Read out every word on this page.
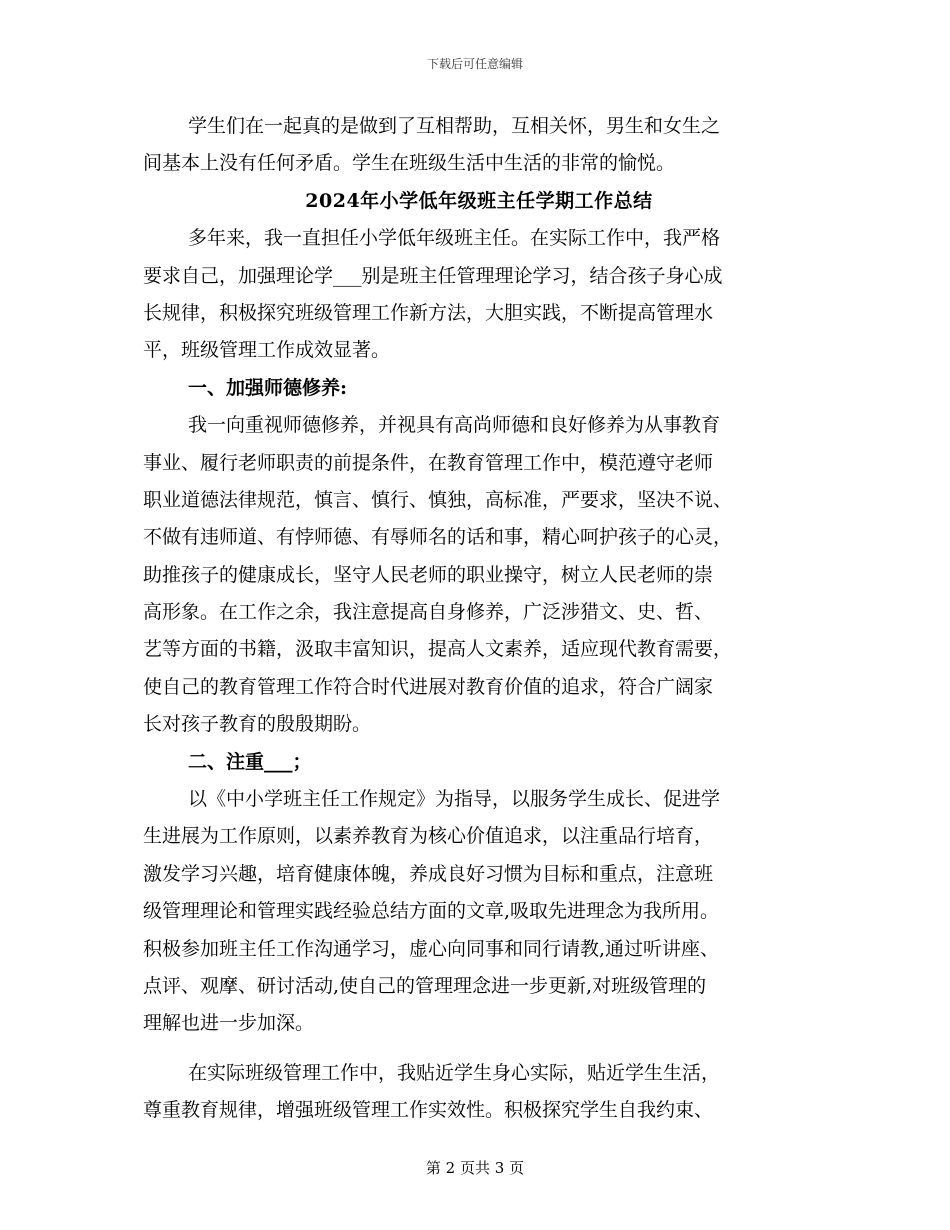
下载后可任意编辑
学生们在一起真的是做到了互相帮助，互相关怀，男生和女生之
间基本上没有任何矛盾。学生在班级生活中生活的非常的愉悦。
2024年小学低年级班主任学期工作总结
多年来，我一直担任小学低年级班主任。在实际工作中，我严格
要求自己，加强理论学___别是班主任管理理论学习，结合孩子身心成
长规律，积极探究班级管理工作新方法，大胆实践，不断提高管理水
平，班级管理工作成效显著。
一、加强师德修养:
我一向重视师德修养，并视具有高尚师德和良好修养为从事教育
事业、履行老师职责的前提条件，在教育管理工作中，模范遵守老师
职业道德法律规范，慎言、慎行、慎独，高标准，严要求，坚决不说、
不做有违师道、有悖师德、有辱师名的话和事，精心呵护孩子的心灵，
助推孩子的健康成长，坚守人民老师的职业操守，树立人民老师的崇
高形象。在工作之余，我注意提高自身修养，广泛涉猎文、史、哲、
艺等方面的书籍，汲取丰富知识，提高人文素养，适应现代教育需要，
使自己的教育管理工作符合时代进展对教育价值的追求，符合广阔家
长对孩子教育的殷殷期盼。
二、注重___；
以《中小学班主任工作规定》为指导，以服务学生成长、促进学
生进展为工作原则，以素养教育为核心价值追求，以注重品行培育，
激发学习兴趣，培育健康体魄，养成良好习惯为目标和重点，注意班
级管理理论和管理实践经验总结方面的文章,吸取先进理念为我所用。
积极参加班主任工作沟通学习，虚心向同事和同行请教,通过听讲座、
点评、观摩、研讨活动,使自己的管理理念进一步更新,对班级管理的
理解也进一步加深。
在实际班级管理工作中，我贴近学生身心实际，贴近学生生活，
尊重教育规律，增强班级管理工作实效性。积极探究学生自我约束、
第 2 页共 3 页
